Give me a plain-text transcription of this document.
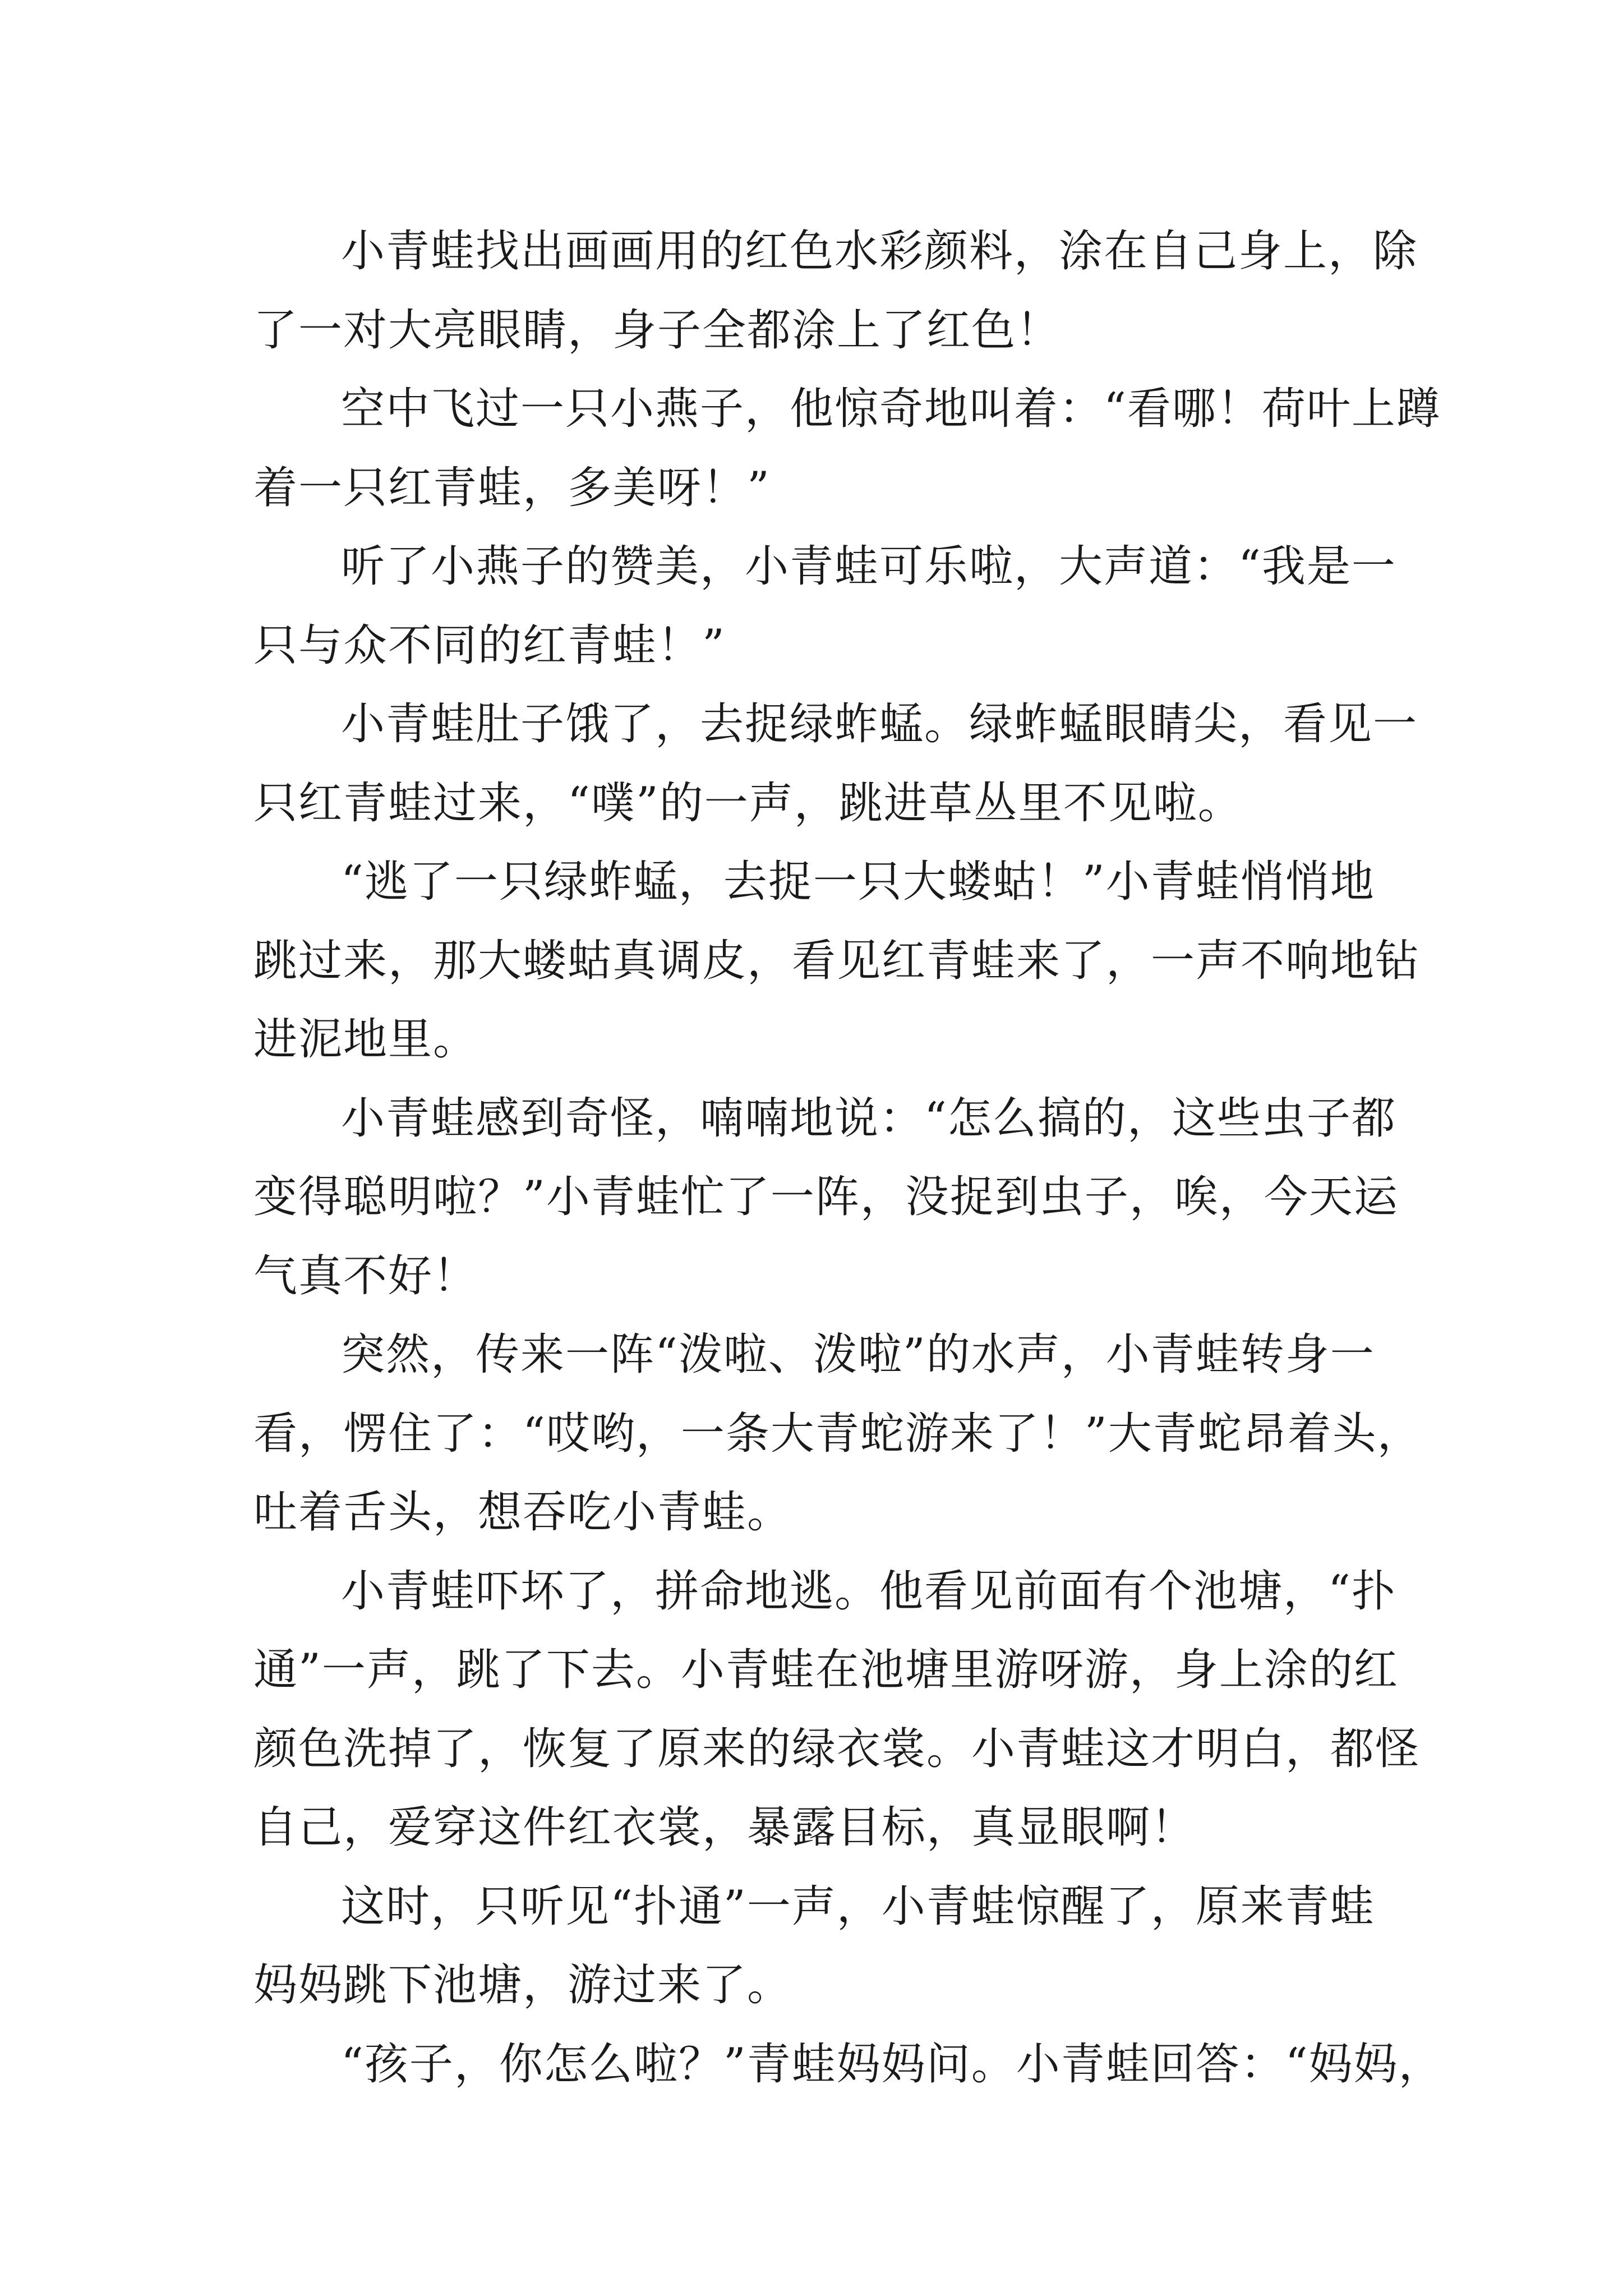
小青蛙找出画画用的红色水彩颜料，涂在自己身上，除
了一对大亮眼睛，身子全都涂上了红色！

空中飞过一只小燕子，他惊奇地叫着：“看哪！荷叶上蹲
着一只红青蛙，多美呀！”

听了小燕子的赞美，小青蛙可乐啦，大声道：“我是一
只与众不同的红青蛙！”

小青蛙肚子饿了，去捉绿蚱蜢。绿蚱蜢眼睛尖，看见一
只红青蛙过来，“噗”的一声，跳进草丛里不见啦。

“逃了一只绿蚱蜢，去捉一只大蝼蛄！”小青蛙悄悄地
跳过来，那大蝼蛄真调皮，看见红青蛙来了，一声不响地钻
进泥地里。

小青蛙感到奇怪，喃喃地说：“怎么搞的，这些虫子都
变得聪明啦？”小青蛙忙了一阵，没捉到虫子，唉，今天运
气真不好！

突然，传来一阵“泼啦、泼啦”的水声，小青蛙转身一
看，愣住了：“哎哟，一条大青蛇游来了！”大青蛇昂着头，
吐着舌头，想吞吃小青蛙。

小青蛙吓坏了，拼命地逃。他看见前面有个池塘，“扑
通”一声，跳了下去。小青蛙在池塘里游呀游，身上涂的红
颜色洗掉了，恢复了原来的绿衣裳。小青蛙这才明白，都怪
自己，爱穿这件红衣裳，暴露目标，真显眼啊！

这时，只听见“扑通”一声，小青蛙惊醒了，原来青蛙
妈妈跳下池塘，游过来了。

“孩子，你怎么啦？”青蛙妈妈问。小青蛙回答：“妈妈，
